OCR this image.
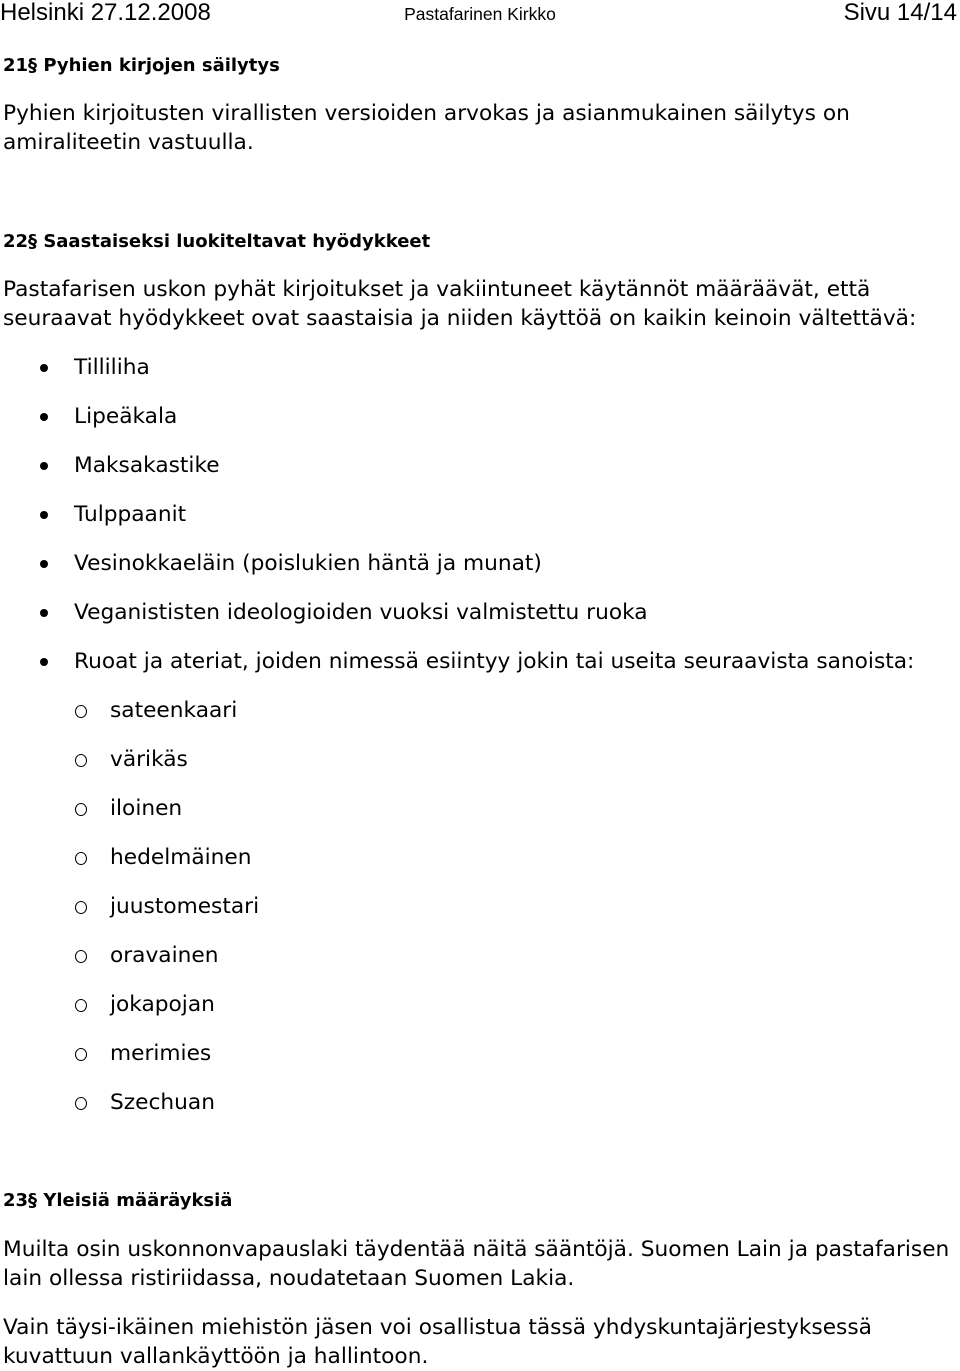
Helsinki 27.12.2008	Pastafarinen Kirkko	Sivu 14/14
21§ Pyhien kirjojen säilytys

Pyhien kirjoitusten virallisten versioiden arvokas ja asianmukainen säilytys on
amiraliteetin vastuulla.

22§ Saastaiseksi luokiteltavat hyödykkeet

Pastafarisen uskon pyhät kirjoitukset ja vakiintuneet käytännöt määräävät, että
seuraavat hyödykkeet ovat saastaisia ja niiden käyttöä on kaikin keinoin vältettävä:

Tilliliha
Lipeäkala
Maksakastike
Tulppaanit
Vesinokkaeläin (poislukien häntä ja munat)
Veganististen ideologioiden vuoksi valmistettu ruoka
Ruoat ja ateriat, joiden nimessä esiintyy jokin tai useita seuraavista sanoista:
sateenkaari
värikäs
iloinen
hedelmäinen
juustomestari
oravainen
jokapojan
merimies
Szechuan
23§ Yleisiä määräyksiä

Muilta osin uskonnonvapauslaki täydentää näitä sääntöjä. Suomen Lain ja pastafarisen
lain ollessa ristiriidassa, noudatetaan Suomen Lakia.

Vain täysi-ikäinen miehistön jäsen voi osallistua tässä yhdyskuntajärjestyksessä
kuvattuun vallankäyttöön ja hallintoon.
